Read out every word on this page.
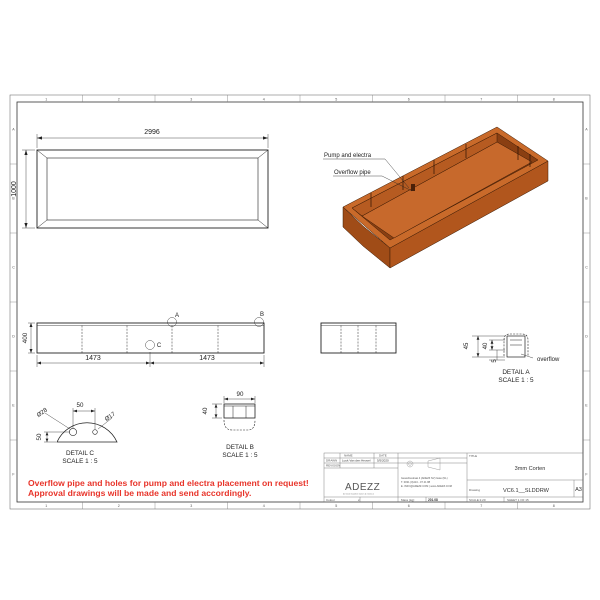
1	2	3	4	5	6	7	8
1	2	3	4	5	6	7	8
A
B
C
D
E
F
A
B
C
D
E
F
2996
1000
Pump and electra
Overflow pipe
A	B
C
400
1473	1473
45 40
5	overflow
DETAIL A
SCALE 1 : 5
90
40
DETAIL B
SCALE 1 : 5
50
Ø28	Ø17
50
DETAIL C
SCALE 1 : 5
DATE
NAME
DRAWN Luuk Van den Heuvel 5/5/2020
REVISION
ADEZZ
de beste kwaliteit tuinen & interieur
Gewerbestraat 4 (ADEZZ NV) Gate (NL)
T. 0031 (0)413 - 07 41 88
E. INFO@ADEZZ.COM | www.ADEZZ.COM
TITLE
3mm Corten
Drawing	VC6.1__SLDDRW	A3
Colour	x	Mass (kg):	201.08	SCALE:1:20	SHEET 1 OF 15
Overflow pipe and holes for pump and electra placement on request!
Approval drawings will be made and send accordingly.
